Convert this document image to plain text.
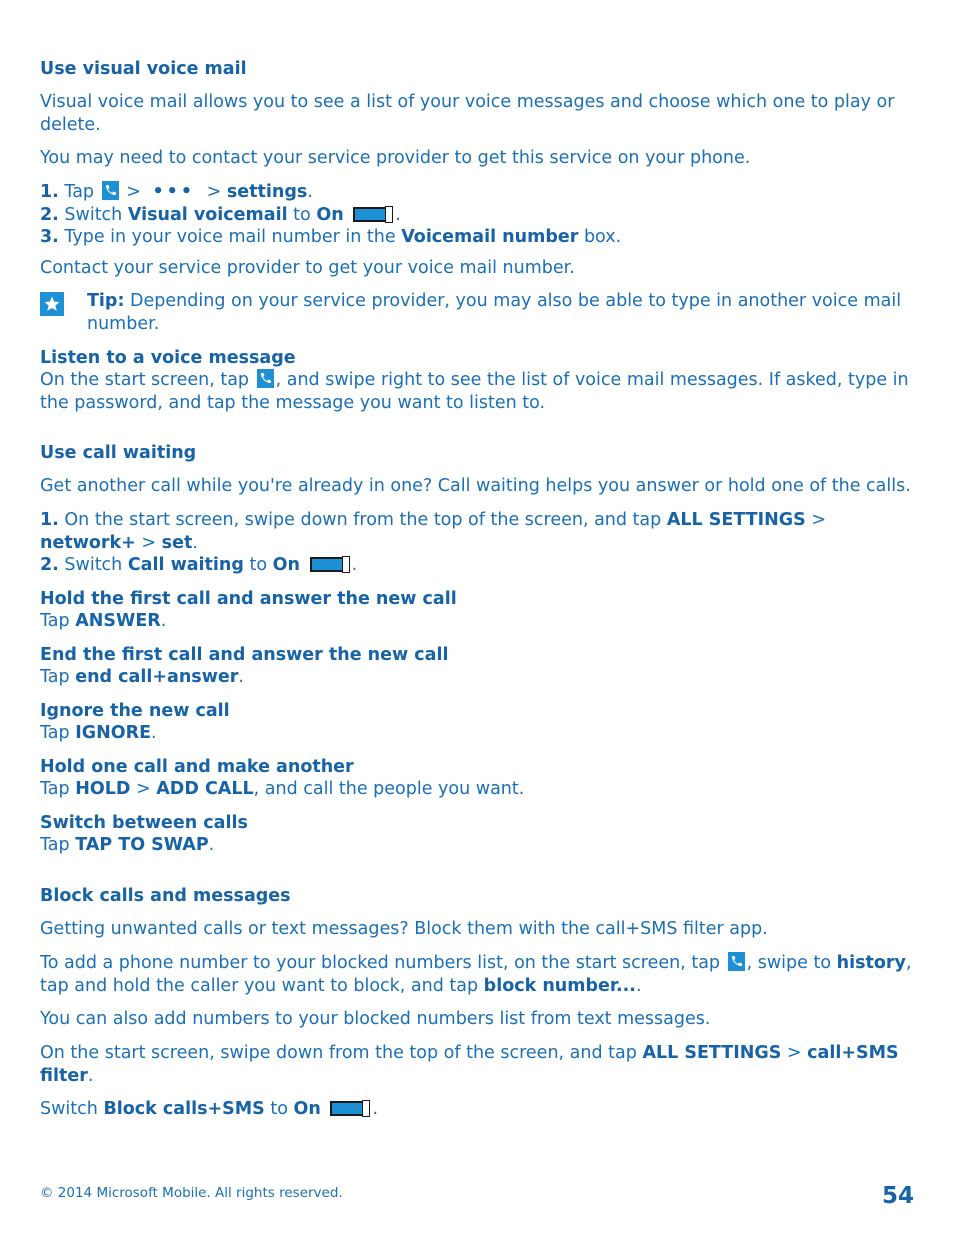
Use visual voice mail
Visual voice mail allows you to see a list of your voice messages and choose which one to play or delete.
You may need to contact your service provider to get this service on your phone.
1. Tap > ••• > settings.
2. Switch Visual voicemail to On	.
3. Type in your voice mail number in the Voicemail number box.
Contact your service provider to get your voice mail number.
Tip: Depending on your service provider, you may also be able to type in another voice mail number.
Listen to a voice message
On the start screen, tap , and swipe right to see the list of voice mail messages. If asked, type in the password, and tap the message you want to listen to.
Use call waiting
Get another call while you're already in one? Call waiting helps you answer or hold one of the calls.
1. On the start screen, swipe down from the top of the screen, and tap ALL SETTINGS > network+ > set.
2. Switch Call waiting to On	.
Hold the first call and answer the new call
Tap ANSWER.
End the first call and answer the new call
Tap end call+answer.
Ignore the new call
Tap IGNORE.
Hold one call and make another
Tap HOLD > ADD CALL, and call the people you want.
Switch between calls
Tap TAP TO SWAP.
Block calls and messages
Getting unwanted calls or text messages? Block them with the call+SMS filter app.
To add a phone number to your blocked numbers list, on the start screen, tap , swipe to history, tap and hold the caller you want to block, and tap block number....
You can also add numbers to your blocked numbers list from text messages.
On the start screen, swipe down from the top of the screen, and tap ALL SETTINGS > call+SMS filter.
Switch Block calls+SMS to On	.
© 2014 Microsoft Mobile. All rights reserved.	54
